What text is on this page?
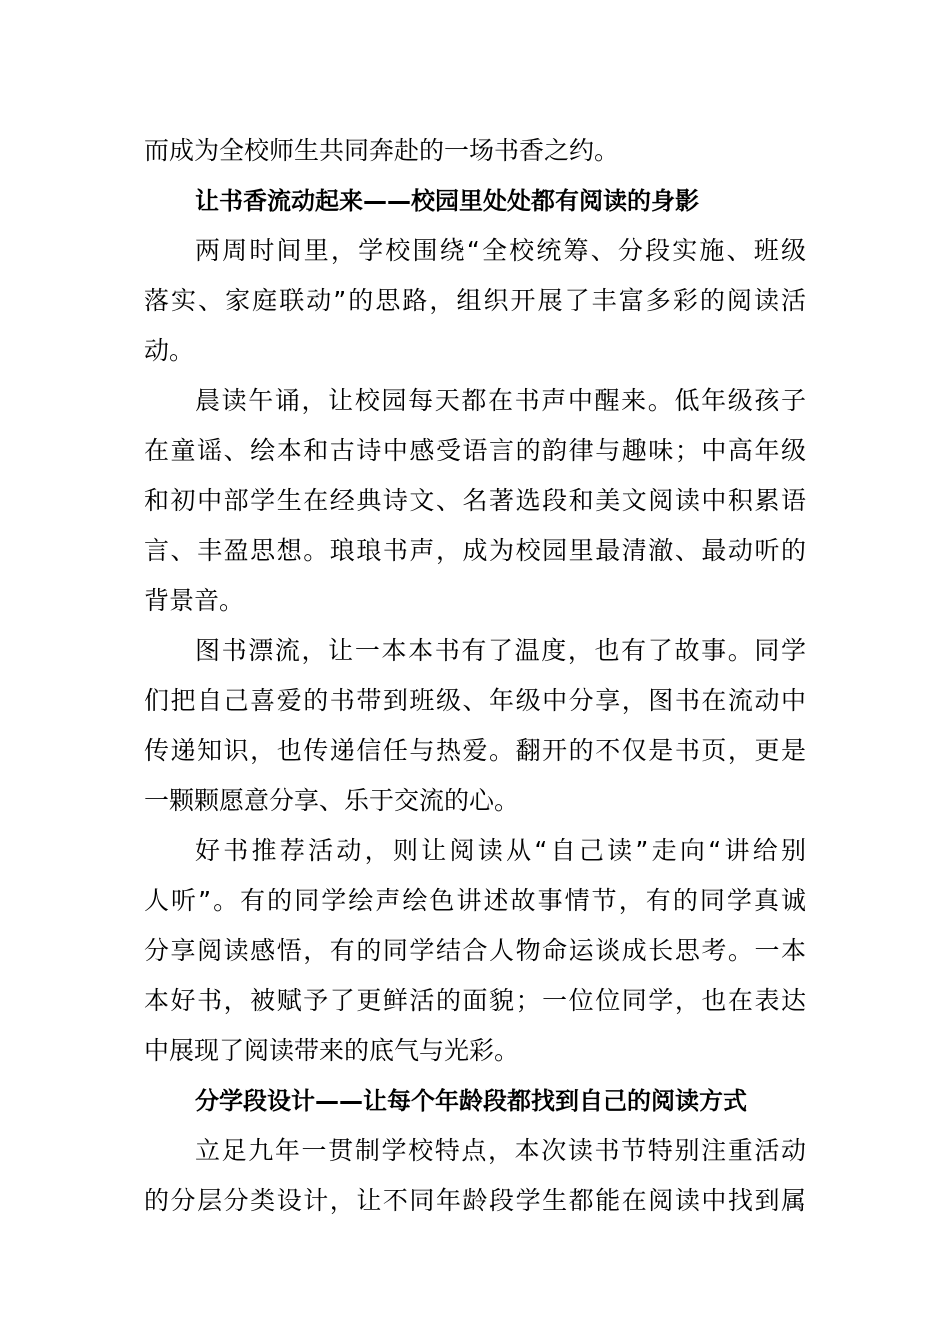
而成为全校师生共同奔赴的一场书香之约。
让书香流动起来——校园里处处都有阅读的身影
两周时间里，学校围绕“全校统筹、分段实施、班级
落实、家庭联动”的思路，组织开展了丰富多彩的阅读活
动。
晨读午诵，让校园每天都在书声中醒来。低年级孩子
在童谣、绘本和古诗中感受语言的韵律与趣味；中高年级
和初中部学生在经典诗文、名著选段和美文阅读中积累语
言、丰盈思想。琅琅书声，成为校园里最清澈、最动听的
背景音。
图书漂流，让一本本书有了温度，也有了故事。同学
们把自己喜爱的书带到班级、年级中分享，图书在流动中
传递知识，也传递信任与热爱。翻开的不仅是书页，更是
一颗颗愿意分享、乐于交流的心。
好书推荐活动，则让阅读从“自己读”走向“讲给别
人听”。有的同学绘声绘色讲述故事情节，有的同学真诚
分享阅读感悟，有的同学结合人物命运谈成长思考。一本
本好书，被赋予了更鲜活的面貌；一位位同学，也在表达
中展现了阅读带来的底气与光彩。
分学段设计——让每个年龄段都找到自己的阅读方式
立足九年一贯制学校特点，本次读书节特别注重活动
的分层分类设计，让不同年龄段学生都能在阅读中找到属
